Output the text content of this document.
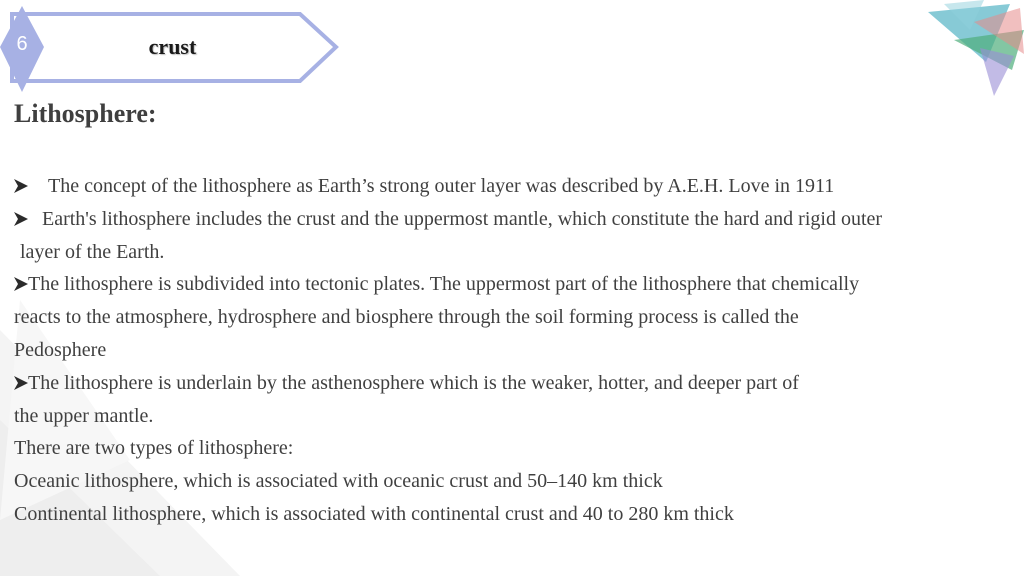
6	crust
Lithosphere:
The concept of the lithosphere as Earth’s strong outer layer was described by A.E.H. Love in 1911
Earth's lithosphere includes the crust and the uppermost mantle, which constitute the hard and rigid outer
layer of the Earth.
The lithosphere is subdivided into tectonic plates. The uppermost part of the lithosphere that chemically
reacts to the atmosphere, hydrosphere and biosphere through the soil forming process is called the
Pedosphere
The lithosphere is underlain by the asthenosphere which is the weaker, hotter, and deeper part of
the upper mantle.
There are two types of lithosphere:
Oceanic lithosphere, which is associated with oceanic crust and 50–140 km thick
Continental lithosphere, which is associated with continental crust and 40 to 280 km thick
